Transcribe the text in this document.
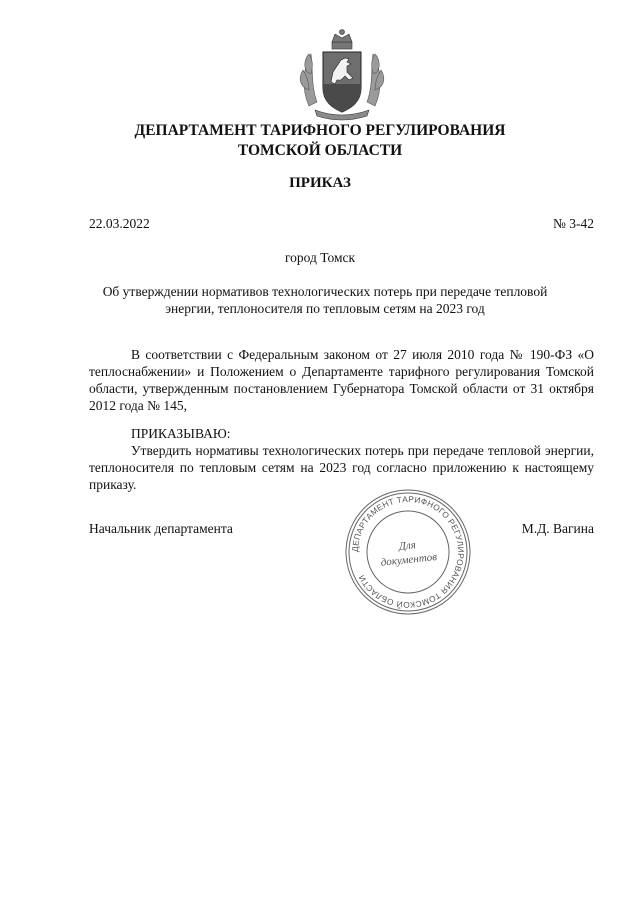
ДЕПАРТАМЕНТ ТАРИФНОГО РЕГУЛИРОВАНИЯ
ТОМСКОЙ ОБЛАСТИ
ПРИКАЗ
22.03.2022	№ 3-42
город Томск
Об утверждении нормативов технологических потерь при передаче тепловой энергии, теплоносителя по тепловым сетям на 2023 год
В соответствии с Федеральным законом от 27 июля 2010 года № 190-ФЗ «О теплоснабжении» и Положением о Департаменте тарифного регулирования Томской области, утвержденным постановлением Губернатора Томской области от 31 октября 2012 года № 145,
ПРИКАЗЫВАЮ:
Утвердить нормативы технологических потерь при передаче тепловой энергии, теплоносителя по тепловым сетям на 2023 год согласно приложению к настоящему приказу.
Начальник департамента	М.Д. Вагина
ДЕПАРТАМЕНТ ТАРИФНОГО РЕГУЛИРОВАНИЯ ТОМСКОЙ ОБЛАСТИ
Для
документов
